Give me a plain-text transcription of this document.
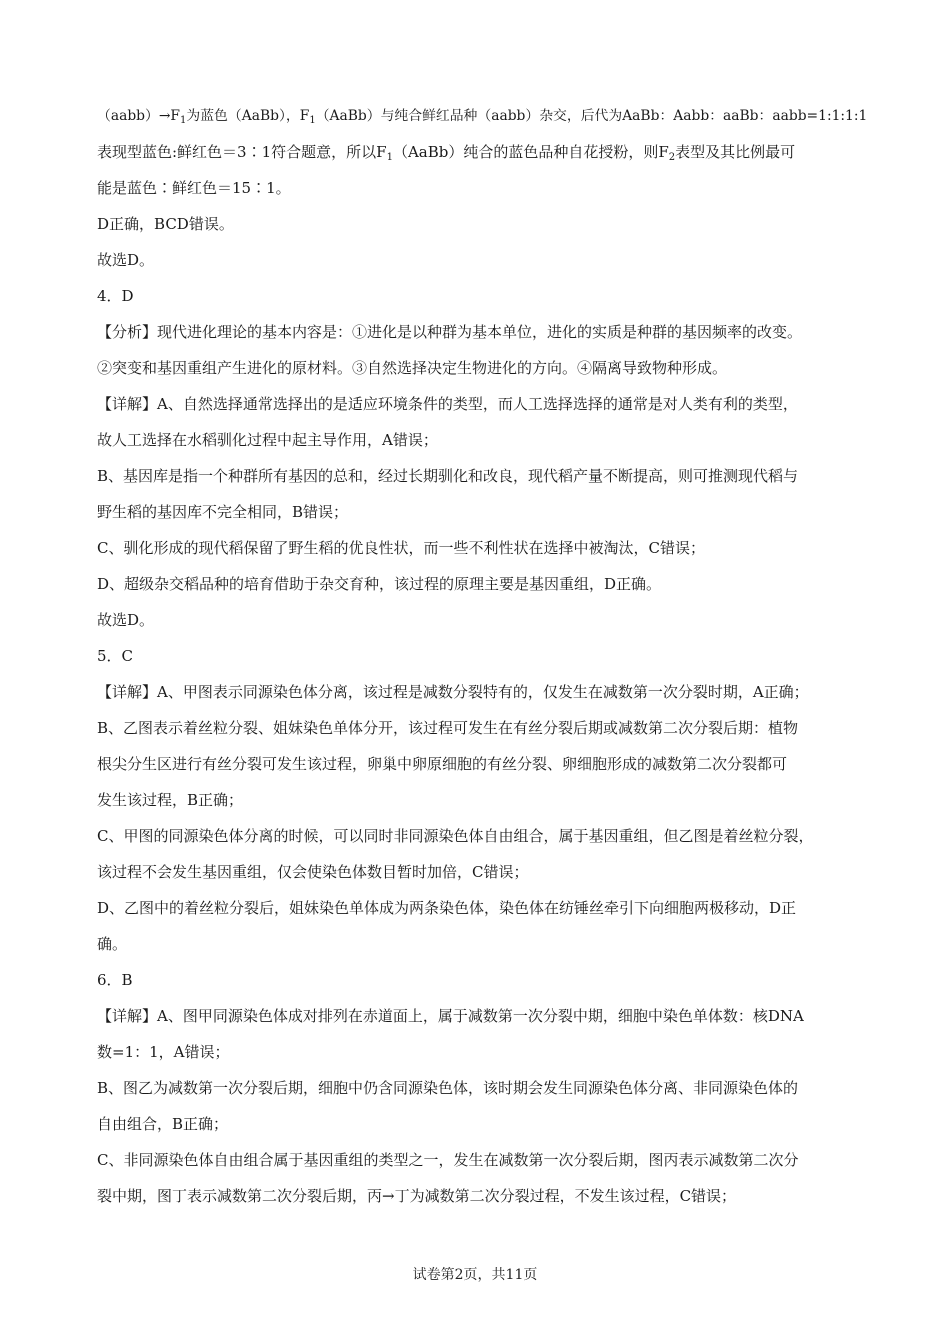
$(aabb)\to F_1$为蓝色（AaBb），$F_1(AaBb)$与纯合鲜红品种（aabb）杂交，后代为AaBb：Aabb：aaBb：aabb=1:1:1:1
表现型蓝色:鲜红色＝3∶1符合题意，所以$F_1(AaBb)$纯合的蓝色品种自花授粉，则$F_2$表型及其比例最可
能是蓝色∶鲜红色＝15∶1。
D正确，BCD错误。
故选D。
4．D
【分析】现代进化理论的基本内容是：①进化是以种群为基本单位，进化的实质是种群的基因频率的改变。
②突变和基因重组产生进化的原材料。③自然选择决定生物进化的方向。④隔离导致物种形成。
【详解】A、自然选择通常选择出的是适应环境条件的类型，而人工选择选择的通常是对人类有利的类型，
故人工选择在水稻驯化过程中起主导作用，A错误；
B、基因库是指一个种群所有基因的总和，经过长期驯化和改良，现代稻产量不断提高，则可推测现代稻与
野生稻的基因库不完全相同，B错误；
C、驯化形成的现代稻保留了野生稻的优良性状，而一些不利性状在选择中被淘汰，C错误；
D、超级杂交稻品种的培育借助于杂交育种，该过程的原理主要是基因重组，D正确。
故选D。
5．C
【详解】A、甲图表示同源染色体分离，该过程是减数分裂特有的，仅发生在减数第一次分裂时期，A正确；
B、乙图表示着丝粒分裂、姐妹染色单体分开，该过程可发生在有丝分裂后期或减数第二次分裂后期：植物
根尖分生区进行有丝分裂可发生该过程，卵巢中卵原细胞的有丝分裂、卵细胞形成的减数第二次分裂都可
发生该过程，B正确；
C、甲图的同源染色体分离的时候，可以同时非同源染色体自由组合，属于基因重组，但乙图是着丝粒分裂，
该过程不会发生基因重组，仅会使染色体数目暂时加倍，C错误；
D、乙图中的着丝粒分裂后，姐妹染色单体成为两条染色体，染色体在纺锤丝牵引下向细胞两极移动，D正
确。
6．B
【详解】A、图甲同源染色体成对排列在赤道面上，属于减数第一次分裂中期，细胞中染色单体数：核DNA
数=1：1，A错误；
B、图乙为减数第一次分裂后期，细胞中仍含同源染色体，该时期会发生同源染色体分离、非同源染色体的
自由组合，B正确；
C、非同源染色体自由组合属于基因重组的类型之一，发生在减数第一次分裂后期，图丙表示减数第二次分
裂中期，图丁表示减数第二次分裂后期，丙→丁为减数第二次分裂过程，不发生该过程，C错误；
试卷第2页，共11页
